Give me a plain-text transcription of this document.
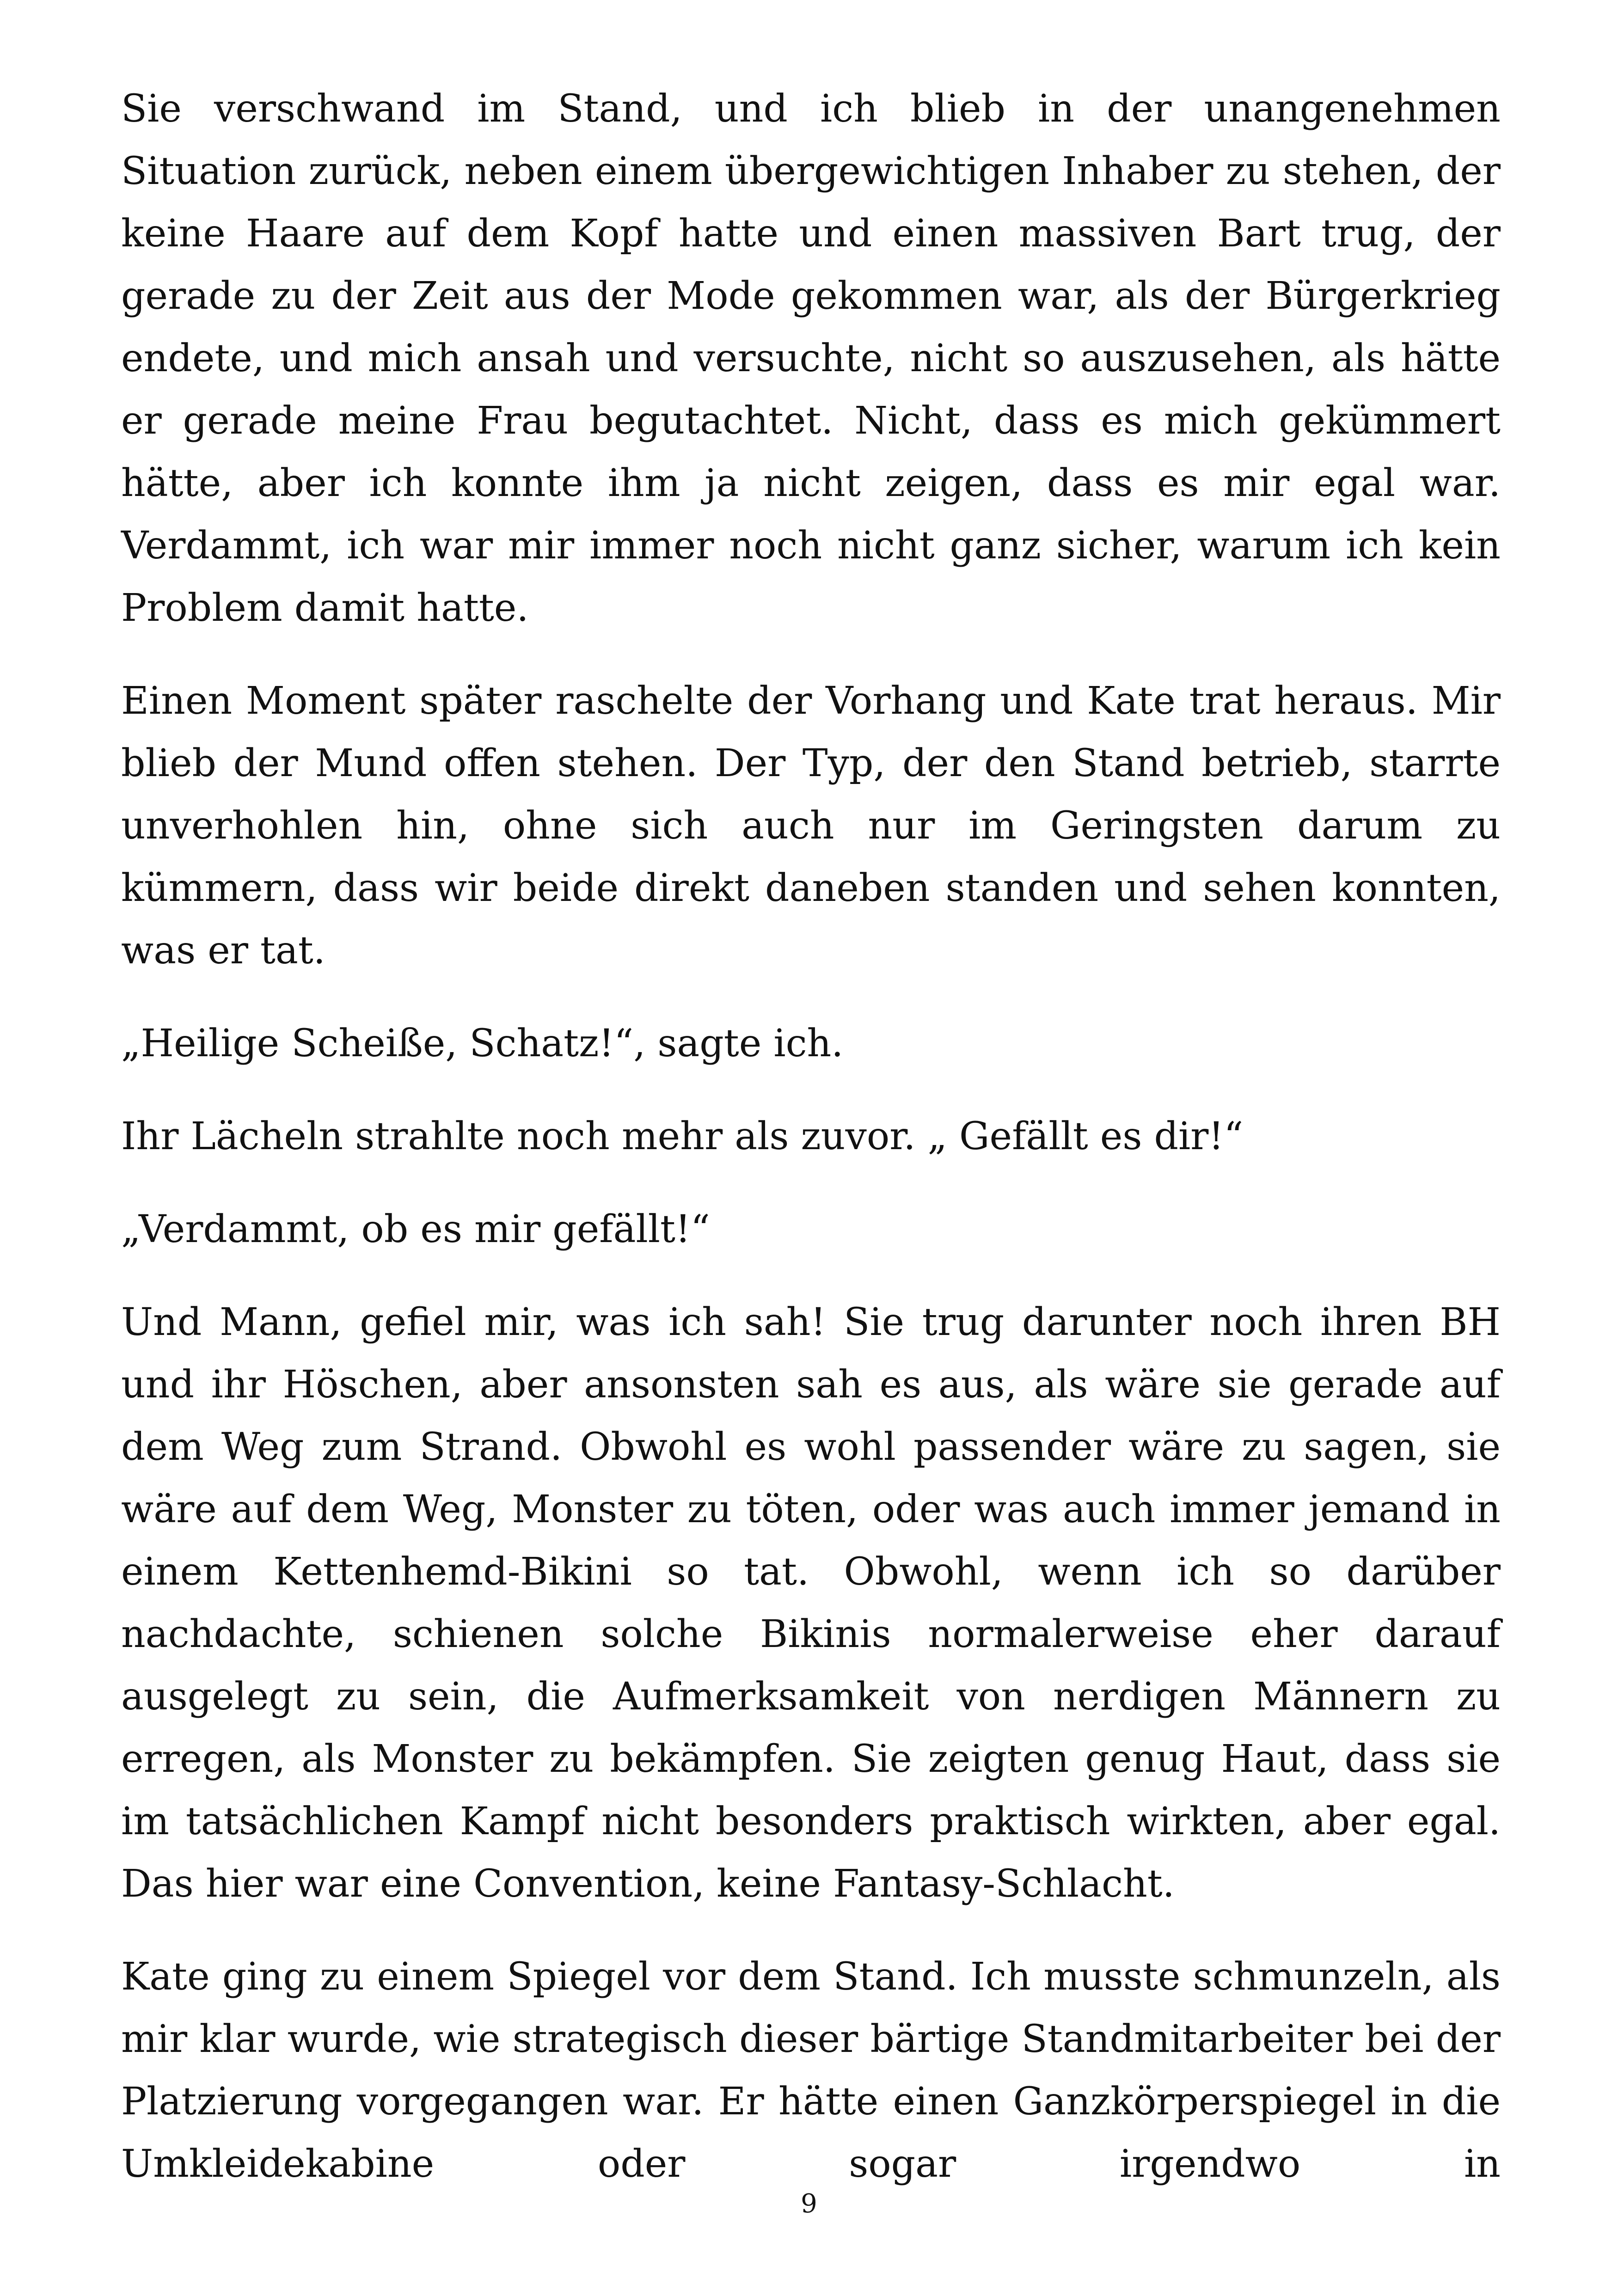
Sie verschwand im Stand, und ich blieb in der unangenehmen Situation zurück, neben einem übergewichtigen Inhaber zu stehen, der keine Haare auf dem Kopf hatte und einen massiven Bart trug, der gerade zu der Zeit aus der Mode gekommen war, als der Bürgerkrieg endete, und mich ansah und versuchte, nicht so auszusehen, als hätte er gerade meine Frau begutachtet. Nicht, dass es mich gekümmert hätte, aber ich konnte ihm ja nicht zeigen, dass es mir egal war. Verdammt, ich war mir immer noch nicht ganz sicher, warum ich kein Problem damit hatte.

Einen Moment später raschelte der Vorhang und Kate trat heraus. Mir blieb der Mund offen stehen. Der Typ, der den Stand betrieb, starrte unverhohlen hin, ohne sich auch nur im Geringsten darum zu kümmern, dass wir beide direkt daneben standen und sehen konnten, was er tat.

„Heilige Scheiße, Schatz!“, sagte ich.

Ihr Lächeln strahlte noch mehr als zuvor. „ Gefällt es dir!“

„Verdammt, ob es mir gefällt!“

Und Mann, gefiel mir, was ich sah! Sie trug darunter noch ihren BH und ihr Höschen, aber ansonsten sah es aus, als wäre sie gerade auf dem Weg zum Strand. Obwohl es wohl passender wäre zu sagen, sie wäre auf dem Weg, Monster zu töten, oder was auch immer jemand in einem Kettenhemd-Bikini so tat. Obwohl, wenn ich so darüber nachdachte, schienen solche Bikinis normalerweise eher darauf ausgelegt zu sein, die Aufmerksamkeit von nerdigen Männern zu erregen, als Monster zu bekämpfen. Sie zeigten genug Haut, dass sie im tatsächlichen Kampf nicht besonders praktisch wirkten, aber egal. Das hier war eine Convention, keine Fantasy-Schlacht.

Kate ging zu einem Spiegel vor dem Stand. Ich musste schmunzeln, als mir klar wurde, wie strategisch dieser bärtige Standmitarbeiter bei der Platzierung vorgegangen war. Er hätte einen Ganzkörperspiegel in die Umkleidekabine oder sogar irgendwo in

9
